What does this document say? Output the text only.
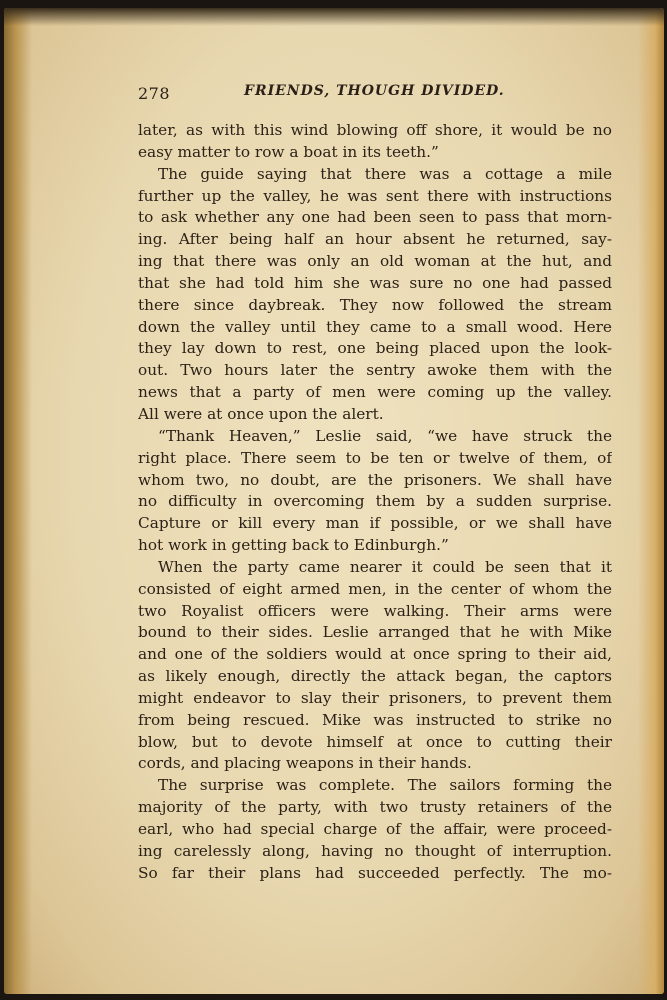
278	FRIENDS, THOUGH DIVIDED.
later, as with this wind blowing off shore, it would be no
easy matter to row a boat in its teeth.”
The guide saying that there was a cottage a mile
further up the valley, he was sent there with instructions
to ask whether any one had been seen to pass that morn-
ing. After being half an hour absent he returned, say-
ing that there was only an old woman at the hut, and
that she had told him she was sure no one had passed
there since daybreak. They now followed the stream
down the valley until they came to a small wood. Here
they lay down to rest, one being placed upon the look-
out. Two hours later the sentry awoke them with the
news that a party of men were coming up the valley.
All were at once upon the alert.
“Thank Heaven,” Leslie said, “we have struck the
right place. There seem to be ten or twelve of them, of
whom two, no doubt, are the prisoners. We shall have
no difficulty in overcoming them by a sudden surprise.
Capture or kill every man if possible, or we shall have
hot work in getting back to Edinburgh.”
When the party came nearer it could be seen that it
consisted of eight armed men, in the center of whom the
two Royalist officers were walking. Their arms were
bound to their sides. Leslie arranged that he with Mike
and one of the soldiers would at once spring to their aid,
as likely enough, directly the attack began, the captors
might endeavor to slay their prisoners, to prevent them
from being rescued. Mike was instructed to strike no
blow, but to devote himself at once to cutting their
cords, and placing weapons in their hands.
The surprise was complete. The sailors forming the
majority of the party, with two trusty retainers of the
earl, who had special charge of the affair, were proceed-
ing carelessly along, having no thought of interruption.
So far their plans had succeeded perfectly. The mo-
